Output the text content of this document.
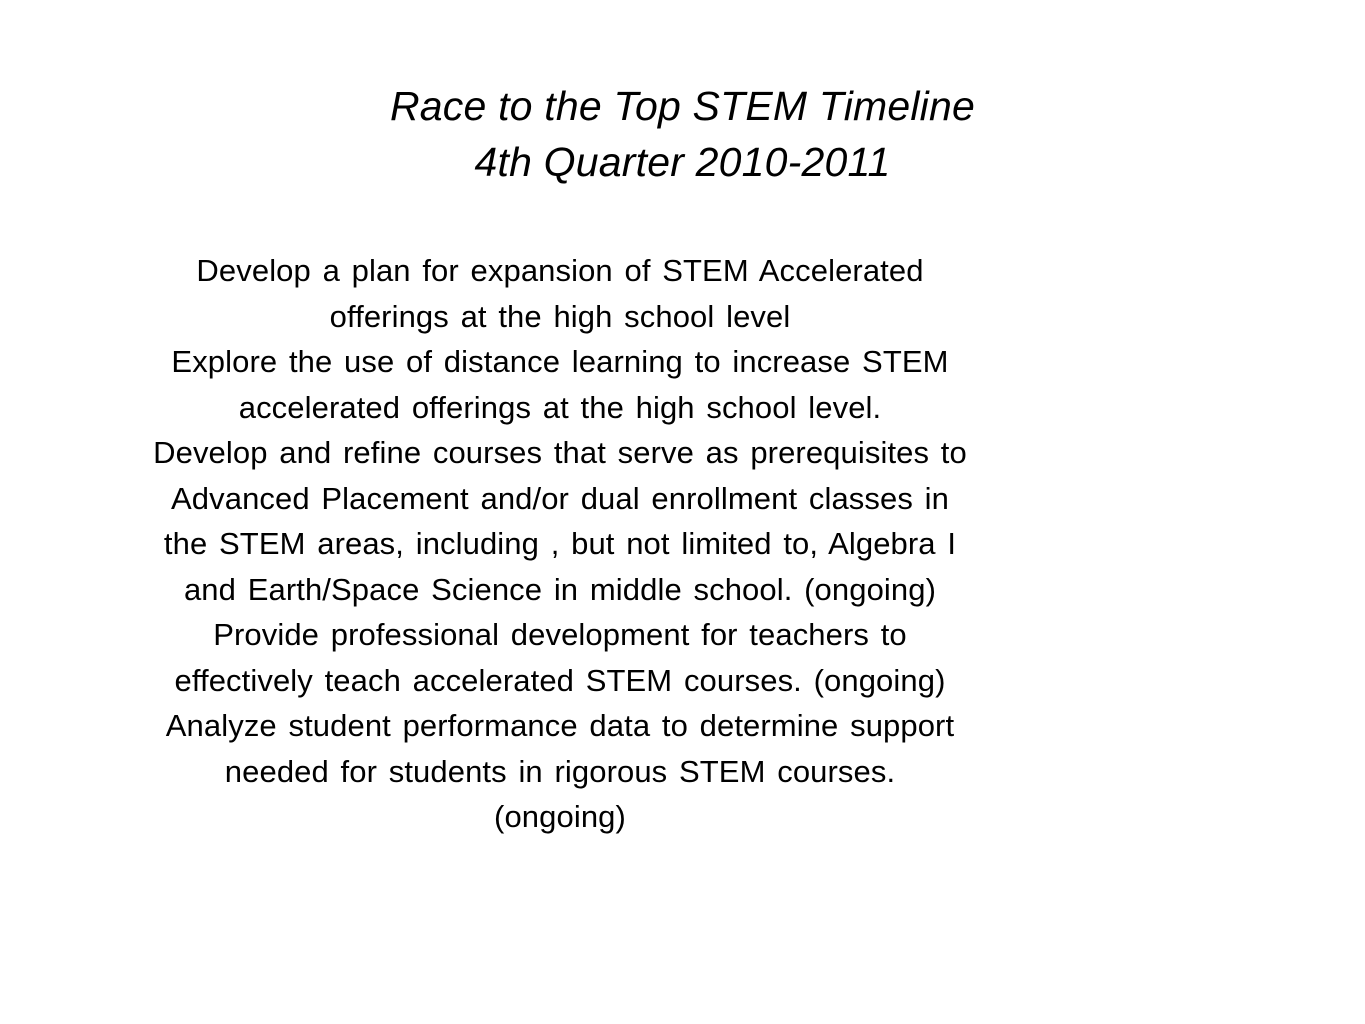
Race to the Top STEM Timeline
4th Quarter 2010-2011

Develop a plan for expansion of STEM Accelerated
offerings at the high school level

Explore the use of distance learning to increase STEM
accelerated offerings at the high school level.

Develop and refine courses that serve as prerequisites to
Advanced Placement and/or dual enrollment classes in
the STEM areas, including , but not limited to, Algebra I
and Earth/Space Science in middle school. (ongoing)

Provide professional development for teachers to
effectively teach accelerated STEM courses. (ongoing)

Analyze student performance data to determine support
needed for students in rigorous STEM courses.
(ongoing)
